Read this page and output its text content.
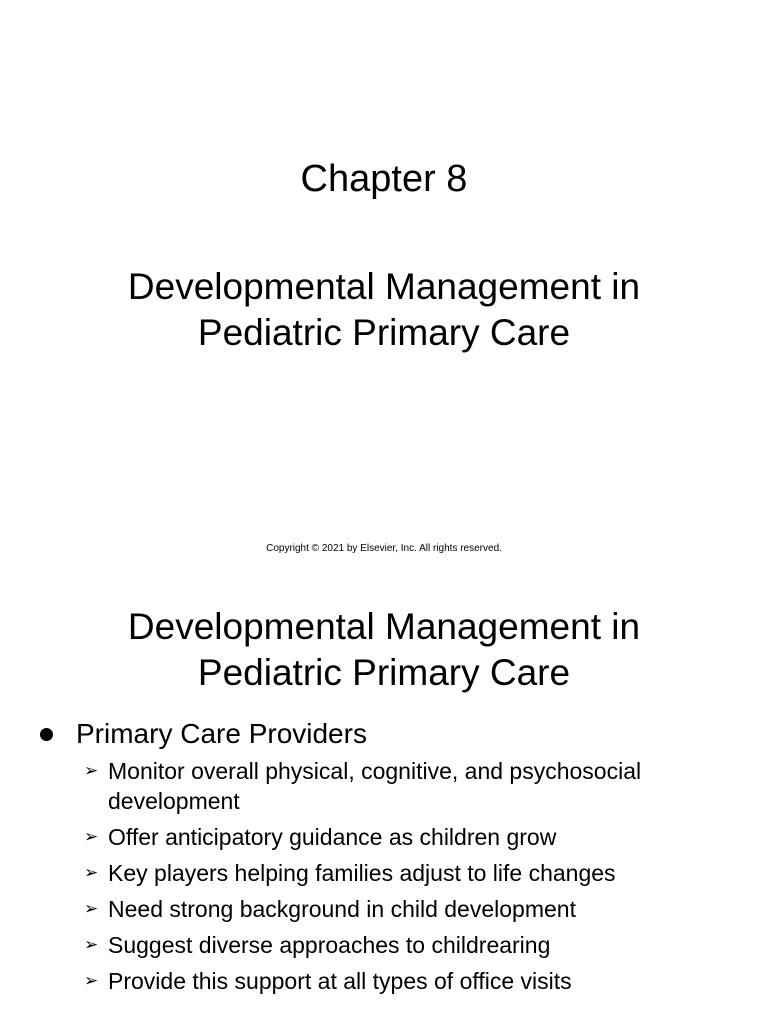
Chapter 8
Developmental Management in
Pediatric Primary Care
Copyright © 2021 by Elsevier, Inc. All rights reserved.
Developmental Management in
Pediatric Primary Care
Primary Care Providers
➢ Monitor overall physical, cognitive, and psychosocial development
➢ Offer anticipatory guidance as children grow
➢ Key players helping families adjust to life changes
➢ Need strong background in child development
➢ Suggest diverse approaches to childrearing
➢ Provide this support at all types of office visits
